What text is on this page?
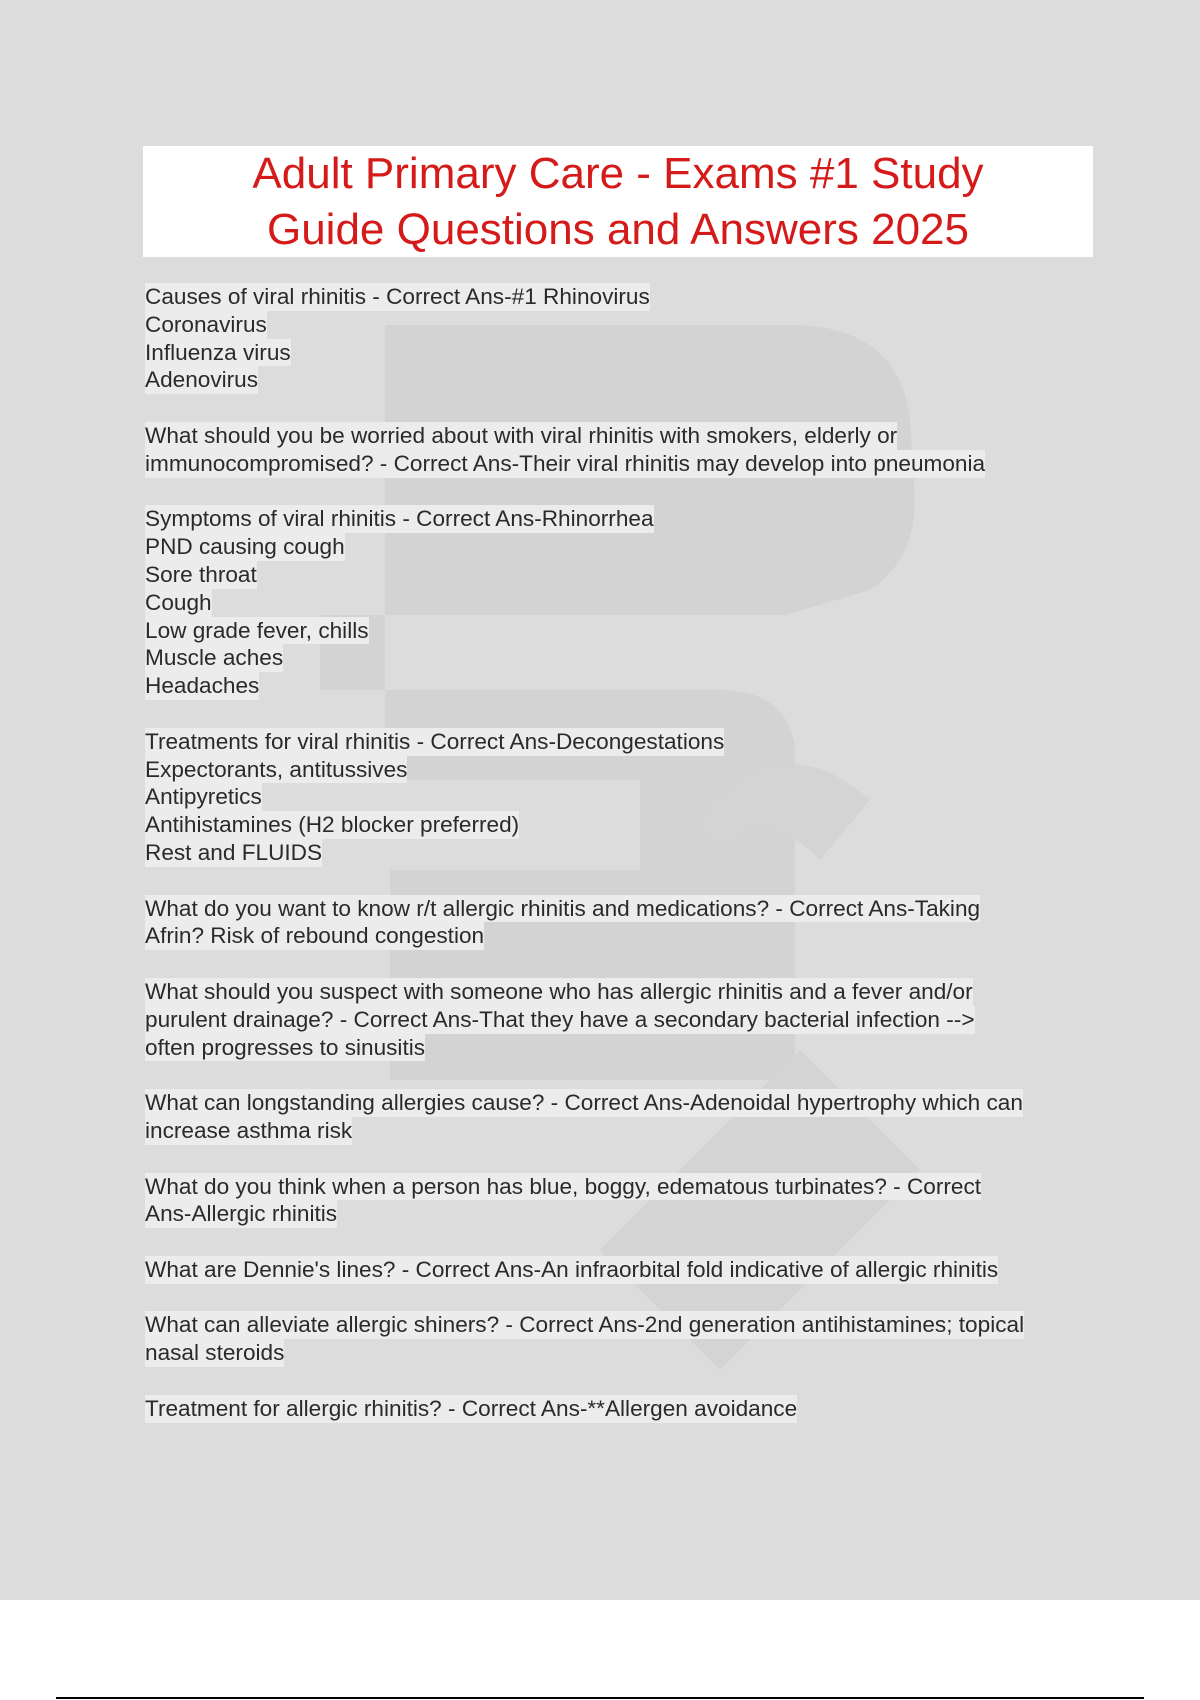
Adult Primary Care - Exams #1 Study
Guide Questions and Answers 2025
Causes of viral rhinitis - Correct Ans-#1 Rhinovirus
Coronavirus
Influenza virus
Adenovirus
What should you be worried about with viral rhinitis with smokers, elderly or
immunocompromised? - Correct Ans-Their viral rhinitis may develop into pneumonia
Symptoms of viral rhinitis - Correct Ans-Rhinorrhea
PND causing cough
Sore throat
Cough
Low grade fever, chills
Muscle aches
Headaches
Treatments for viral rhinitis - Correct Ans-Decongestations
Expectorants, antitussives
Antipyretics
Antihistamines (H2 blocker preferred)
Rest and FLUIDS
What do you want to know r/t allergic rhinitis and medications? - Correct Ans-Taking
Afrin? Risk of rebound congestion
What should you suspect with someone who has allergic rhinitis and a fever and/or
purulent drainage? - Correct Ans-That they have a secondary bacterial infection -->
often progresses to sinusitis
What can longstanding allergies cause? - Correct Ans-Adenoidal hypertrophy which can
increase asthma risk
What do you think when a person has blue, boggy, edematous turbinates? - Correct
Ans-Allergic rhinitis
What are Dennie's lines? - Correct Ans-An infraorbital fold indicative of allergic rhinitis
What can alleviate allergic shiners? - Correct Ans-2nd generation antihistamines; topical
nasal steroids
Treatment for allergic rhinitis? - Correct Ans-**Allergen avoidance
